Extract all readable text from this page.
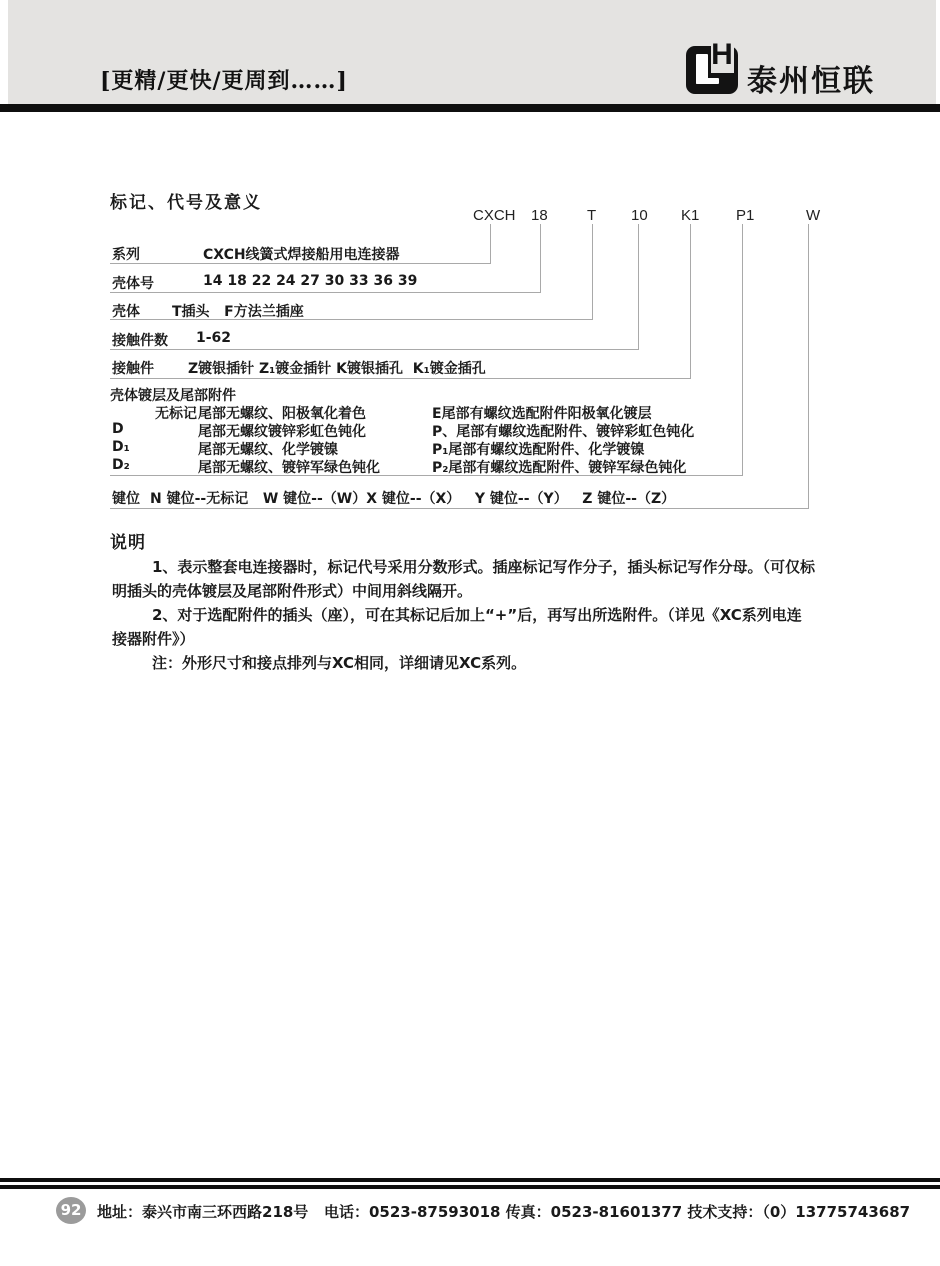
[更精/更快/更周到……]
H
泰州恒联
标记、代号及意义
CXCH 18	T 10 K1 P1	W
系列	CXCH线簧式焊接船用电连接器
壳体号	14 18 22 24 27 30 33 36 39
壳体 T插头   F方法兰插座
接触件数 1-62
接触件 Z镀银插针 Z₁镀金插针 K镀银插孔  K₁镀金插孔
壳体镀层及尾部附件
无标记 尾部无螺纹、阳极氧化着色	E尾部有螺纹选配附件阳极氧化镀层
D	尾部无螺纹镀锌彩虹色钝化	P、尾部有螺纹选配附件、镀锌彩虹色钝化
D₁	尾部无螺纹、化学镀镍	P₁尾部有螺纹选配附件、化学镀镍
D₂	尾部无螺纹、镀锌军绿色钝化	P₂尾部有螺纹选配附件、镀锌军绿色钝化
键位 N 键位--无标记   W 键位--（W）X 键位--（X）   Y 键位--（Y）   Z 键位--（Z）
说明
1、表示整套电连接器时，标记代号采用分数形式。插座标记写作分子，插头标记写作分母。（可仅标
明插头的壳体镀层及尾部附件形式）中间用斜线隔开。
2、对于选配附件的插头（座），可在其标记后加上“+”后，再写出所选附件。（详见《XC系列电连
接器附件》）
注：外形尺寸和接点排列与XC相同，详细请见XC系列。
92	地址：泰兴市南三环西路218号   电话：0523-87593018 传真：0523-81601377 技术支持：（0）13775743687
